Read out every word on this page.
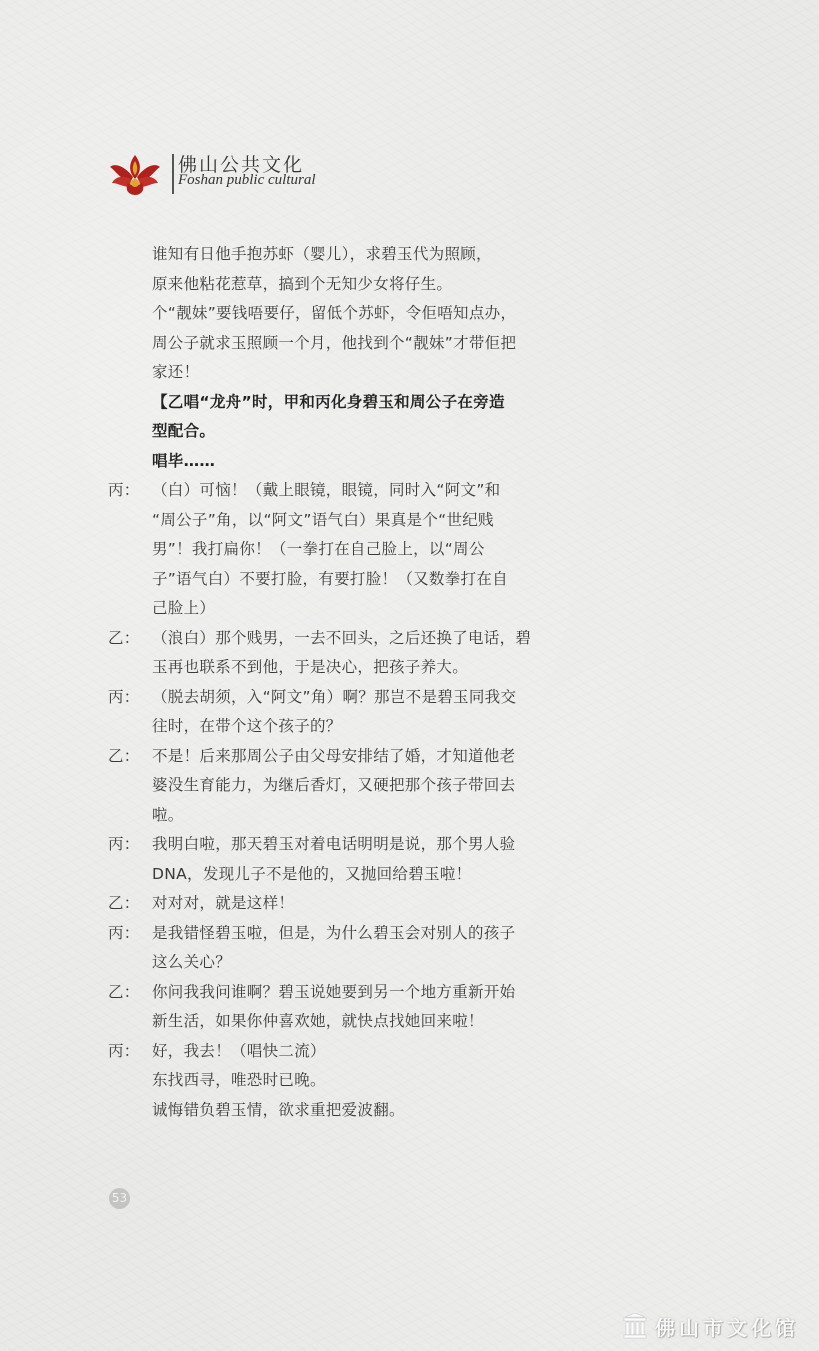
佛山公共文化
Foshan public cultural
谁知有日他手抱苏虾（婴儿），求碧玉代为照顾，
原来他粘花惹草，搞到个无知少女将仔生。
个“靓妹”要钱唔要仔，留低个苏虾，令佢唔知点办，
周公子就求玉照顾一个月，他找到个“靓妹”才带佢把
家还！
【乙唱“龙舟”时，甲和丙化身碧玉和周公子在旁造
型配合。
唱毕……
丙： （白）可恼！（戴上眼镜，眼镜，同时入“阿文”和
“周公子”角，以“阿文”语气白）果真是个“世纪贱
男”！我打扁你！（一拳打在自己脸上，以“周公
子”语气白）不要打脸，有要打脸！（又数拳打在自
己脸上）
乙： （浪白）那个贱男，一去不回头，之后还换了电话，碧
玉再也联系不到他，于是决心，把孩子养大。
丙： （脱去胡须，入“阿文”角）啊？那岂不是碧玉同我交
往时，在带个这个孩子的？
乙： 不是！后来那周公子由父母安排结了婚，才知道他老
婆没生育能力，为继后香灯，又硬把那个孩子带回去
啦。
丙： 我明白啦，那天碧玉对着电话明明是说，那个男人验
DNA，发现儿子不是他的，又抛回给碧玉啦！
乙： 对对对，就是这样！
丙： 是我错怪碧玉啦，但是，为什么碧玉会对别人的孩子
这么关心？
乙： 你问我我问谁啊？碧玉说她要到另一个地方重新开始
新生活，如果你仲喜欢她，就快点找她回来啦！
丙： 好，我去！（唱快二流）
东找西寻，唯恐时已晚。
诚悔错负碧玉情，欲求重把爱波翻。
53
佛山市文化馆
